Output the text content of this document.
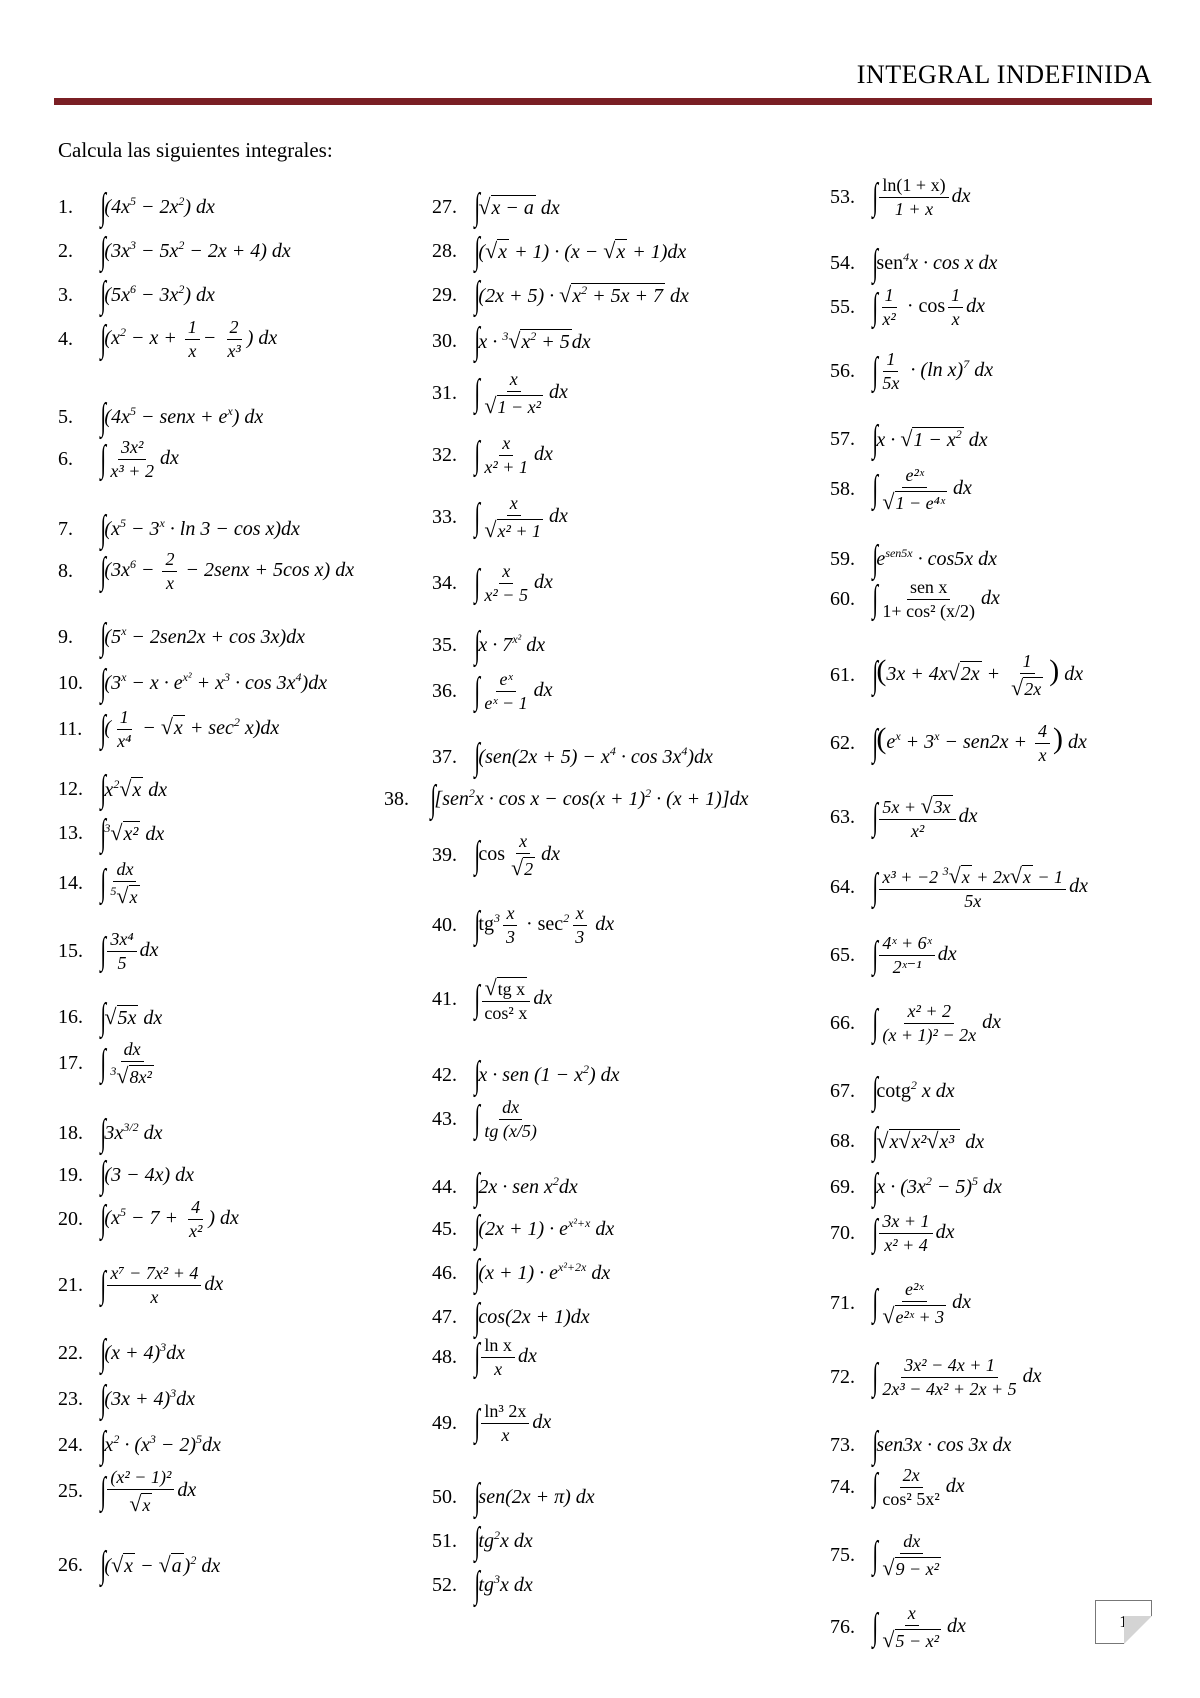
INTEGRAL INDEFINIDA
Calcula las siguientes integrales:
1. ∫
$(4x^5 - 2x^2)$ dx
2. ∫
$(3x^3 - 5x^2 - 2x + 4)$ dx
3. ∫
$(5x^6 - 3x^2)$ dx
4. ∫
($x^2 - x + \frac{1}{x} - \frac{2}{\text{x³}}$ ) dx
5. ∫
($4x^5$ − senx + $e^x$) dx
6. ∫ $\frac{\text{3x²}}{\text{x³ + 2}}$ dx
7. ∫
$(x^5 - 3^x \cdot \ln 3 - \cos x)dx$
8. ∫
($3x^6 - \frac{2}{x}$ − 2senx + 5cos x) dx
9. ∫
$(5^x - 2sen2x + \cos 3x)dx$
10. ∫
$(3^x - x \cdot e^{x^2} + x^3 \cdot \cos 3x^4)dx$
11. ∫
( $\frac{1}{\text{x⁴}} - √x + \sec^2 x)dx$
12. ∫
$x^2√x$ dx
13. ∫
$^3$√x² dx
14. ∫ $\frac{dx}{^5√x}$
15. ∫ $\frac{\text{3x⁴}}{5}$ dx
16. ∫
√5x dx
17. ∫ $\frac{dx}{^3√8x^2}$
18. ∫
$3x^{3/2}$ dx
19. ∫
(3 − 4x) dx
20. ∫
($x^5 - 7 + \frac{4}{\text{x²}}$ ) dx
21. ∫ $\frac{\text{x⁷ − 7x² + 4}}{x}$ dx
22. ∫
$(x + 4)^3dx$
23. ∫
$(3x + 4)^3dx$
24. ∫
$x^2 \cdot (x^3 - 2)^5dx$
25. ∫ $\frac{\text{(x² − 1)²}}{√x}$ dx
26. ∫
(√x − √a )$^2$ dx
27. ∫
√x − a dx
28. ∫
(√x + 1) · (x − √x + 1)dx
29. ∫
$(2x + 5) \cdot √x^2 + 5x + 7$ dx
30. ∫
$x \cdot ^3√x^2 + 5$ dx
31. ∫ $\frac{x}{\text{√1 − x²}}$ dx
32. ∫ $\frac{x}{\text{x² + 1}}$ dx
33. ∫ $\frac{x}{\text{√x² + 1}}$ dx
34. ∫ $\frac{x}{\text{x² − 5}}$ dx
35. ∫
$x \cdot 7^{x^2}$ dx
36. ∫ $\frac{\text{eˣ}}{\text{eˣ − 1}}$ dx
37. ∫
$(sen(2x + 5) - x^4 \cdot \cos 3x^4)dx$
38. ∫
$[sen^2x \cdot \cos x - \cos(x + 1)^2 \cdot (x + 1)]dx$
39. ∫
$\cos \frac{x}{√2}$ dx
40. ∫
$tg^3 \frac{x}{3} \cdot \sec^2 \frac{x}{3}$ dx
41. ∫ $\frac{\text{√tg x}}{\text{cos² x}}$ dx
42. ∫
x · sen $(1 - x^2)$ dx
43. ∫ $\frac{dx}{tg (x/5)}$
44. ∫
2x · sen $x^2dx$
45. ∫
$(2x + 1) \cdot e^{x^2+x}$ dx
46. ∫
$(x + 1) \cdot e^{x^2+2x}$ dx
47. ∫
cos(2x + 1)dx
48. ∫ $\frac{\text{ln x}}{x}$ dx
49. ∫ $\frac{\text{ln³ 2x}}{x}$ dx
50. ∫
sen(2x + π) dx
51. ∫
$tg^2x$ dx
52. ∫
$tg^3x$ dx
53. ∫ $\frac{\ln(1 + x)}{1 + x}$ dx
54. ∫
sen$^4$x · cos x dx
55. ∫ $\frac{1}{\text{x²}} \cdot \cos \frac{1}{x}$ dx
56. ∫ $\frac{1}{5x} \cdot (\ln$ x)$^7$ dx
57. ∫
$x \cdot √1 - x^2$ dx
58. ∫ $\frac{\text{e²ˣ}}{\text{√1 − e⁴ˣ}}$ dx
59. ∫
$e^{sen5x} \cdot \cos 5x$ dx
60. ∫ $\frac{\text{sen x}}{\text{1+ cos² (x/2)}}$ dx
61. ∫
($3x + 4x√2x + \frac{1}{√2x}$ ) dx
62. ∫
($e^x + 3^x - sen2x + \frac{4}{x}$ ) dx
63. ∫ $\frac{5x + √3x}{\text{x²}}$ dx
64. ∫ $\frac{x^3 + -2 ^3√x + 2x√x - 1}{5x}$ dx
65. ∫ $\frac{\text{4ˣ + 6ˣ}}{\text{2ˣ⁻¹}}$ dx
66. ∫ $\frac{\text{x² + 2}}{\text{(x + 1)² − 2x}}$ dx
67. ∫
cotg$^2$ x dx
68. ∫
√x√x²√x³ dx
69. ∫
$x \cdot (3x^2 - 5)^5$ dx
70. ∫ $\frac{3x + 1}{\text{x² + 4}}$ dx
71. ∫ $\frac{\text{e²ˣ}}{\text{√e²ˣ + 3}}$ dx
72. ∫ $\frac{\text{3x² − 4x + 1}}{\text{2x³ − 4x² + 2x + 5}}$ dx
73. ∫
sen3x · cos 3x dx
74. ∫ $\frac{2x}{\text{cos² 5x²}}$ dx
75. ∫ $\frac{dx}{\text{√9 − x²}}$
76. ∫ $\frac{x}{\text{√5 − x²}}$ dx	1
